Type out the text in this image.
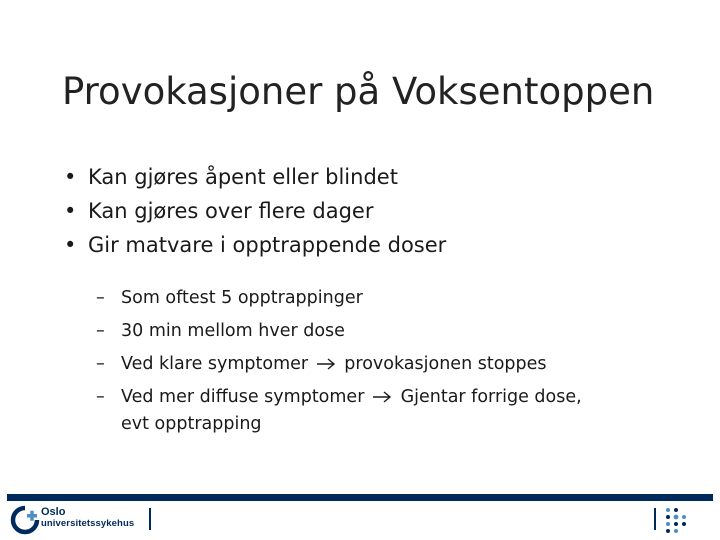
Provokasjoner på Voksentoppen
• Kan gjøres åpent eller blindet
• Kan gjøres over flere dager
• Gir matvare i opptrappende doser
– Som oftest 5 opptrappinger
– 30 min mellom hver dose
– Ved klare symptomer provokasjonen stoppes
– Ved mer diffuse symptomer Gjentar forrige dose,
evt opptrapping
Oslo
universitetssykehus
